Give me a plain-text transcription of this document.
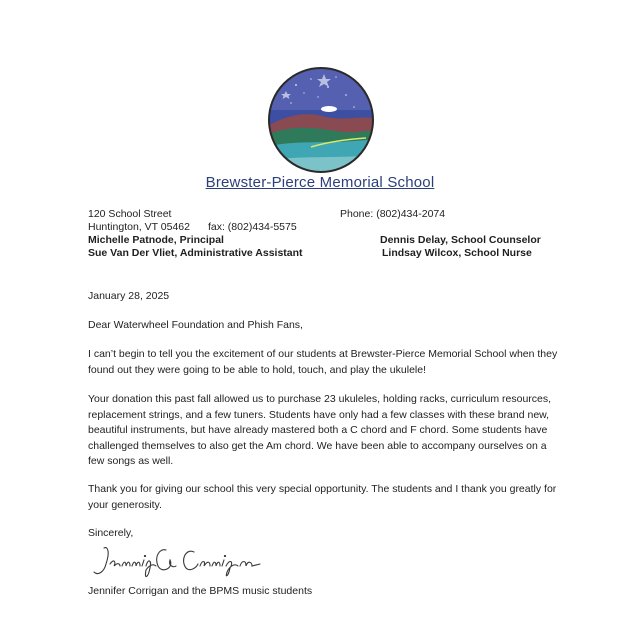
Brewster-Pierce Memorial School
120 School Street
Huntington, VT 05462 fax: (802)434-5575
Michelle Patnode, Principal
Sue Van Der Vliet, Administrative Assistant
Phone: (802)434-2074
Dennis Delay, School Counselor
Lindsay Wilcox, School Nurse
January 28, 2025
Dear Waterwheel Foundation and Phish Fans,

I can’t begin to tell you the excitement of our students at Brewster-Pierce Memorial School when they found out they were going to be able to hold, touch, and play the ukulele!

Your donation this past fall allowed us to purchase 23 ukuleles, holding racks, curriculum resources, replacement strings, and a few tuners. Students have only had a few classes with these brand new, beautiful instruments, but have already mastered both a C chord and F chord. Some students have challenged themselves to also get the Am chord. We have been able to accompany ourselves on a few songs as well.

Thank you for giving our school this very special opportunity. The students and I thank you greatly for your generosity.

Sincerely,
Jennifer Corrigan and the BPMS music students
